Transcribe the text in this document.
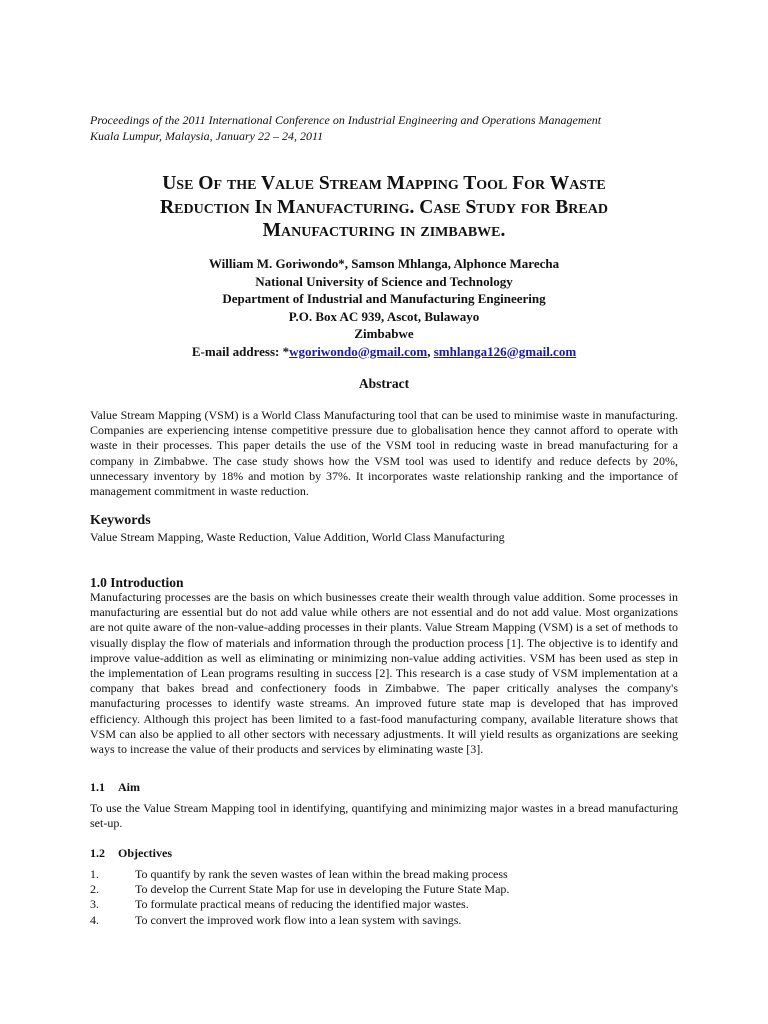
Proceedings of the 2011 International Conference on Industrial Engineering and Operations Management
Kuala Lumpur, Malaysia, January 22 – 24, 2011
Use Of the Value Stream Mapping Tool For Waste
Reduction In Manufacturing. Case Study for Bread
Manufacturing in zimbabwe.
William M. Goriwondo*, Samson Mhlanga, Alphonce Marecha
National University of Science and Technology
Department of Industrial and Manufacturing Engineering
P.O. Box AC 939, Ascot, Bulawayo
Zimbabwe
E-mail address: *wgoriwondo@gmail.com, smhlanga126@gmail.com
Abstract
Value Stream Mapping (VSM) is a World Class Manufacturing tool that can be used to minimise waste in manufacturing. Companies are experiencing intense competitive pressure due to globalisation hence they cannot afford to operate with waste in their processes. This paper details the use of the VSM tool in reducing waste in bread manufacturing for a company in Zimbabwe. The case study shows how the VSM tool was used to identify and reduce defects by 20%, unnecessary inventory by 18% and motion by 37%. It incorporates waste relationship ranking and the importance of management commitment in waste reduction.
Keywords
Value Stream Mapping, Waste Reduction, Value Addition, World Class Manufacturing
1.0 Introduction
Manufacturing processes are the basis on which businesses create their wealth through value addition. Some processes in manufacturing are essential but do not add value while others are not essential and do not add value. Most organizations are not quite aware of the non-value-adding processes in their plants. Value Stream Mapping (VSM) is a set of methods to visually display the flow of materials and information through the production process [1]. The objective is to identify and improve value-addition as well as eliminating or minimizing non-value adding activities. VSM has been used as step in the implementation of Lean programs resulting in success [2]. This research is a case study of VSM implementation at a company that bakes bread and confectionery foods in Zimbabwe. The paper critically analyses the company's manufacturing processes to identify waste streams. An improved future state map is developed that has improved efficiency. Although this project has been limited to a fast-food manufacturing company, available literature shows that VSM can also be applied to all other sectors with necessary adjustments. It will yield results as organizations are seeking ways to increase the value of their products and services by eliminating waste [3].
1.1 Aim
To use the Value Stream Mapping tool in identifying, quantifying and minimizing major wastes in a bread manufacturing set-up.
1.2 Objectives
1.	To quantify by rank the seven wastes of lean within the bread making process
2.	To develop the Current State Map for use in developing the Future State Map.
3.	To formulate practical means of reducing the identified major wastes.
4.	To convert the improved work flow into a lean system with savings.
